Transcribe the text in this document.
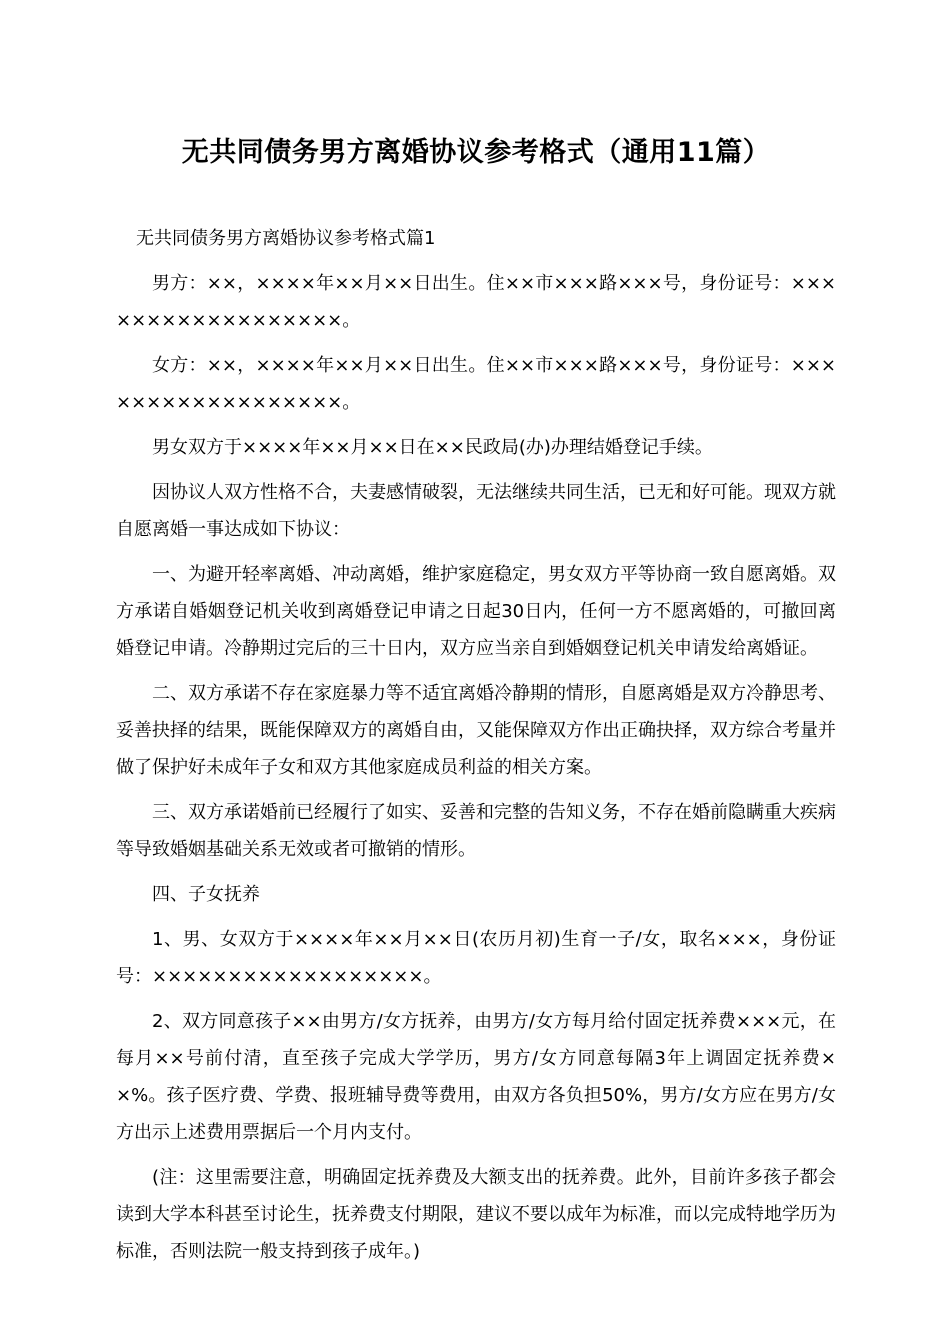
无共同债务男方离婚协议参考格式（通用11篇）
无共同债务男方离婚协议参考格式篇1

男方：××，××××年××月××日出生。住××市×××路×××号，身份证号：××××××××××××××××××。

女方：××，××××年××月××日出生。住××市×××路×××号，身份证号：××××××××××××××××××。

男女双方于××××年××月××日在××民政局(办)办理结婚登记手续。

因协议人双方性格不合，夫妻感情破裂，无法继续共同生活，已无和好可能。现双方就自愿离婚一事达成如下协议：

一、为避开轻率离婚、冲动离婚，维护家庭稳定，男女双方平等协商一致自愿离婚。双方承诺自婚姻登记机关收到离婚登记申请之日起30日内，任何一方不愿离婚的，可撤回离婚登记申请。冷静期过完后的三十日内，双方应当亲自到婚姻登记机关申请发给离婚证。

二、双方承诺不存在家庭暴力等不适宜离婚冷静期的情形，自愿离婚是双方冷静思考、妥善抉择的结果，既能保障双方的离婚自由，又能保障双方作出正确抉择，双方综合考量并做了保护好未成年子女和双方其他家庭成员利益的相关方案。

三、双方承诺婚前已经履行了如实、妥善和完整的告知义务，不存在婚前隐瞒重大疾病等导致婚姻基础关系无效或者可撤销的情形。

四、子女抚养

1、男、女双方于××××年××月××日(农历月初)生育一子/女，取名×××，身份证号：××××××××××××××××××。

2、双方同意孩子××由男方/女方抚养，由男方/女方每月给付固定抚养费×××元，在每月××号前付清，直至孩子完成大学学历，男方/女方同意每隔3年上调固定抚养费××%。孩子医疗费、学费、报班辅导费等费用，由双方各负担50%，男方/女方应在男方/女方出示上述费用票据后一个月内支付。

(注：这里需要注意，明确固定抚养费及大额支出的抚养费。此外，目前许多孩子都会读到大学本科甚至讨论生，抚养费支付期限，建议不要以成年为标准，而以完成特地学历为标准，否则法院一般支持到孩子成年。)
